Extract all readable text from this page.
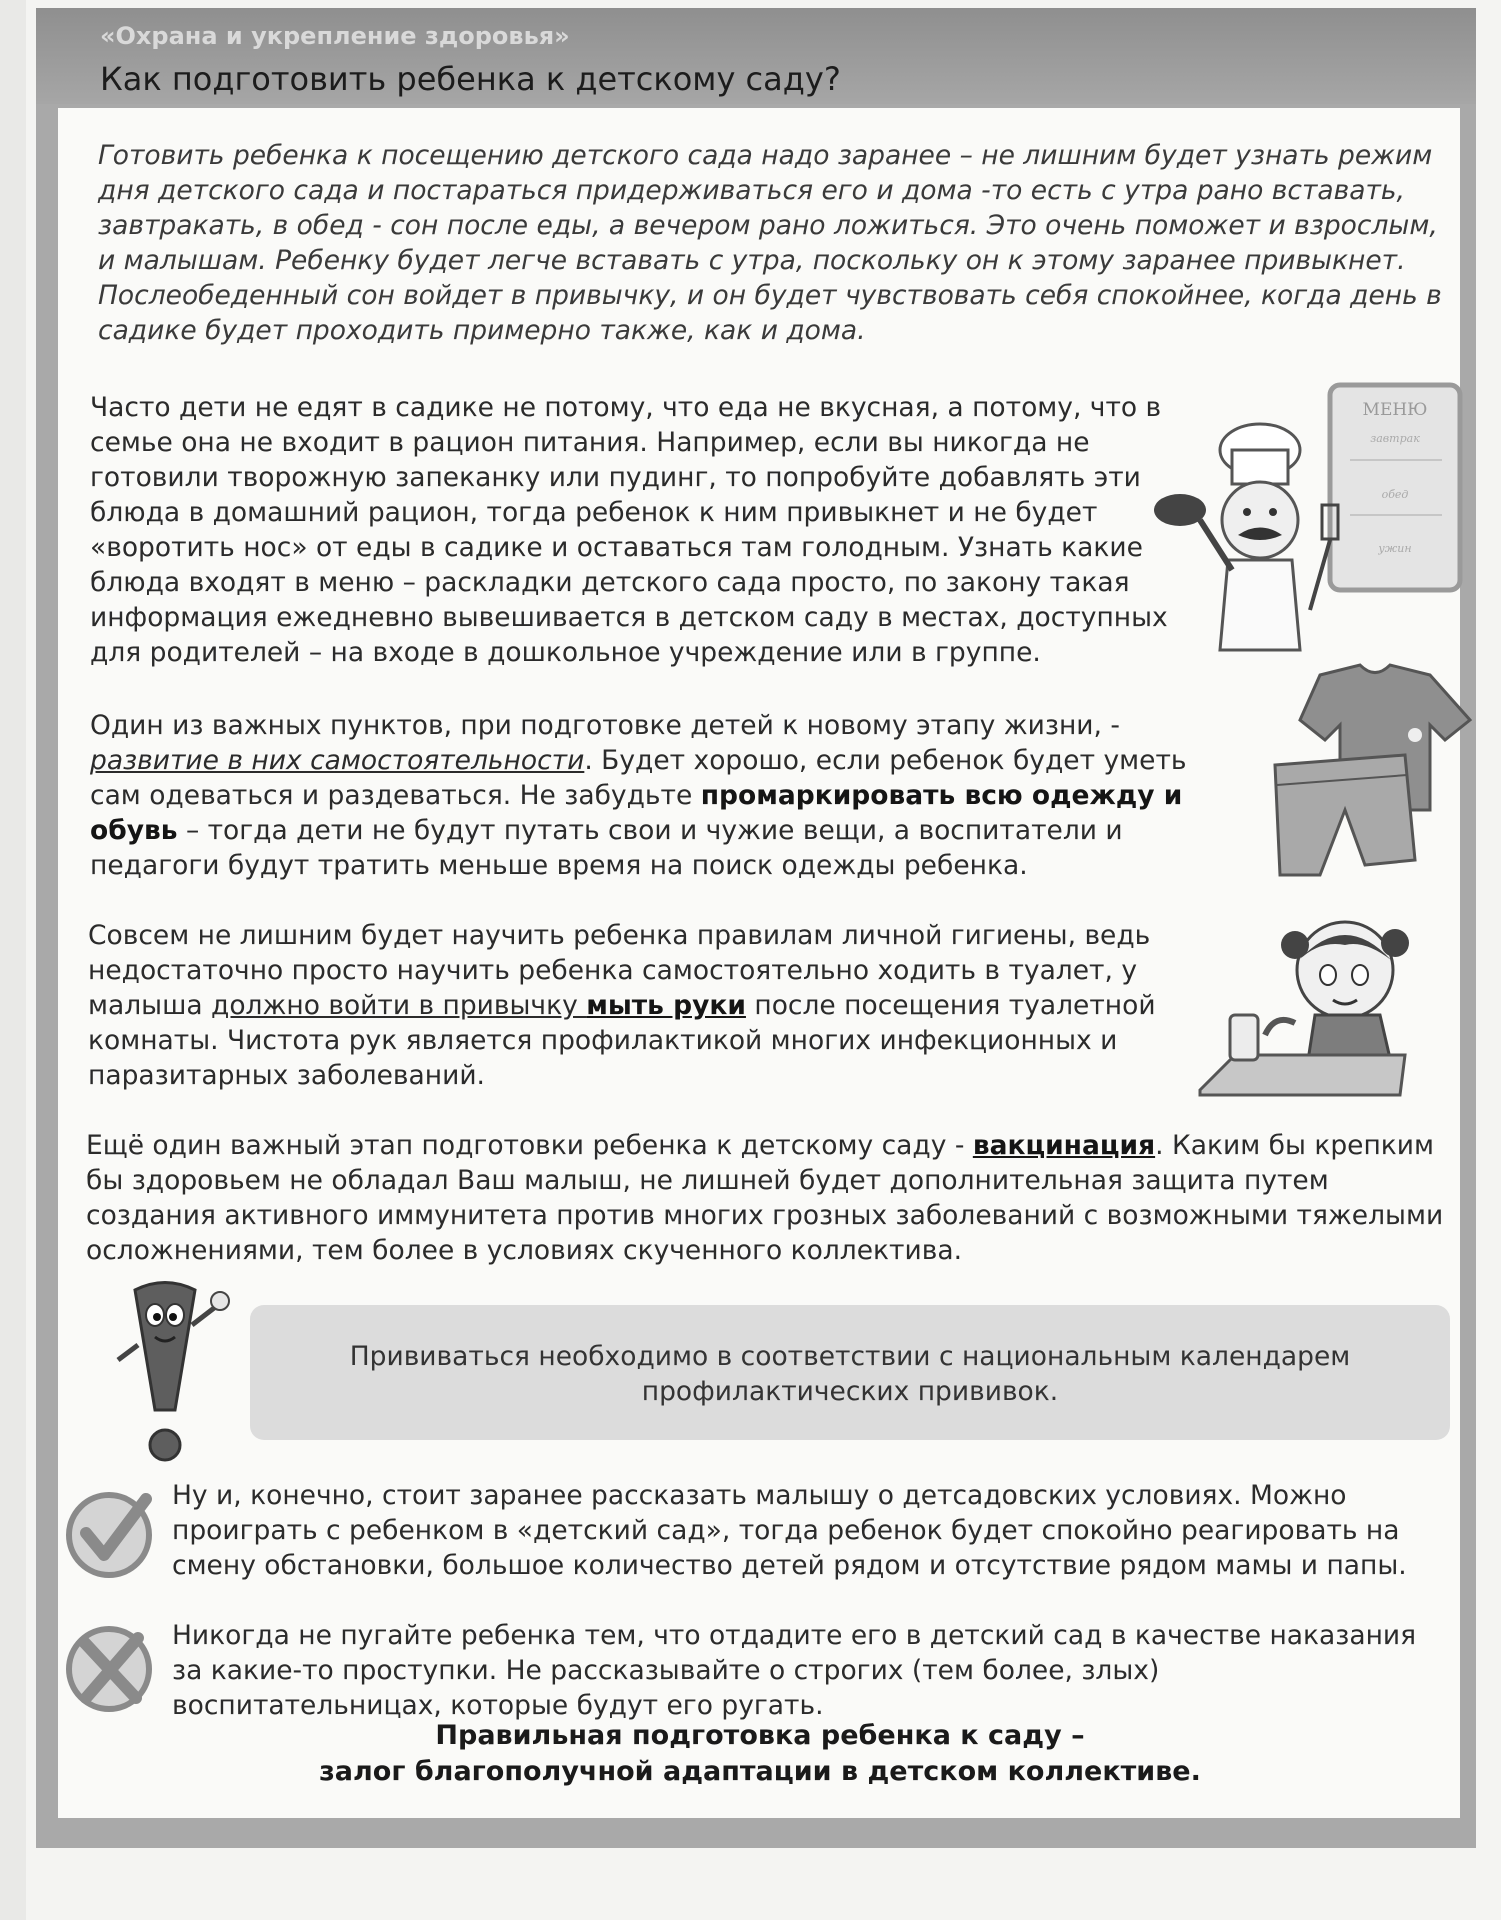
«Охрана и укрепление здоровья»
Как подготовить ребенка к детскому саду?

Готовить ребенка к посещению детского сада надо заранее – не лишним будет узнать режим дня детского сада и постараться придерживаться его и дома -то есть с утра рано вставать, завтракать, в обед - сон после еды, а вечером рано ложиться. Это очень поможет и взрослым, и малышам. Ребенку будет легче вставать с утра, поскольку он к этому заранее привыкнет. Послеобеденный сон войдет в привычку, и он будет чувствовать себя спокойнее, когда день в садике будет проходить примерно также, как и дома.

Часто дети не едят в садике не потому, что еда не вкусная, а потому, что в семье она не входит в рацион питания. Например, если вы никогда не готовили творожную запеканку или пудинг, то попробуйте добавлять эти блюда в домашний рацион, тогда ребенок к ним привыкнет и не будет «воротить нос» от еды в садике и оставаться там голодным. Узнать какие блюда входят в меню – раскладки детского сада просто, по закону такая информация ежедневно вывешивается в детском саду в местах, доступных для родителей – на входе в дошкольное учреждение или в группе.

МЕНЮ
завтрак
обед
ужин

Один из важных пунктов, при подготовке детей к новому этапу жизни, -
развитие в них самостоятельности. Будет хорошо, если ребенок будет уметь сам одеваться и раздеваться. Не забудьте промаркировать всю одежду и обувь – тогда дети не будут путать свои и чужие вещи, а воспитатели и педагоги будут тратить меньше время на поиск одежды ребенка.

Совсем не лишним будет научить ребенка правилам личной гигиены, ведь недостаточно просто научить ребенка самостоятельно ходить в туалет, у малыша должно войти в привычку мыть руки после посещения туалетной комнаты. Чистота рук является профилактикой многих инфекционных и паразитарных заболеваний.

Ещё один важный этап подготовки ребенка к детскому саду - вакцинация. Каким бы крепким бы здоровьем не обладал Ваш малыш, не лишней будет дополнительная защита путем создания активного иммунитета против многих грозных заболеваний с возможными тяжелыми осложнениями, тем более в условиях скученного коллектива.

Прививаться необходимо в соответствии с национальным календарем профилактических прививок.

Ну и, конечно, стоит заранее рассказать малышу о детсадовских условиях. Можно проиграть с ребенком в «детский сад», тогда ребенок будет спокойно реагировать на смену обстановки, большое количество детей рядом и отсутствие рядом мамы и папы.

Никогда не пугайте ребенка тем, что отдадите его в детский сад в качестве наказания за какие-то проступки. Не рассказывайте о строгих (тем более, злых) воспитательницах, которые будут его ругать.

Правильная подготовка ребенка к саду –
залог благополучной адаптации в детском коллективе.
